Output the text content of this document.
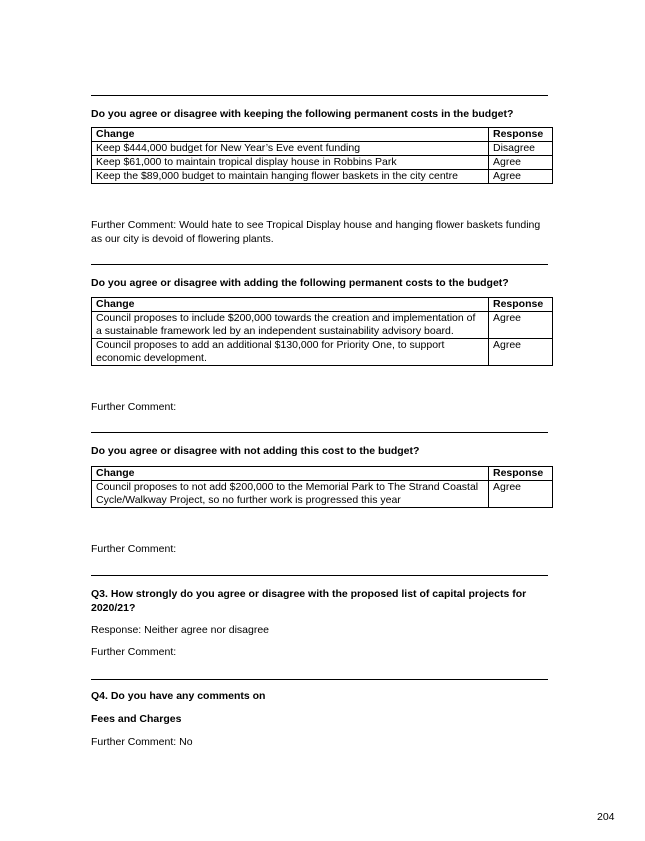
Do you agree or disagree with keeping the following permanent costs in the budget?
Change	Response
Keep $444,000 budget for New Year’s Eve event funding	Disagree
Keep $61,000 to maintain tropical display house in Robbins Park	Agree
Keep the $89,000 budget to maintain hanging flower baskets in the city centre	Agree
Further Comment: Would hate to see Tropical Display house and hanging flower baskets funding as our city is devoid of flowering plants.
Do you agree or disagree with adding the following permanent costs to the budget?
Change	Response
Council proposes to include $200,000 towards the creation and implementation of a sustainable framework led by an independent sustainability advisory board.	Agree
Council proposes to add an additional $130,000 for Priority One, to support economic development.	Agree
Further Comment:
Do you agree or disagree with not adding this cost to the budget?
Change	Response
Council proposes to not add $200,000 to the Memorial Park to The Strand Coastal Cycle/Walkway Project, so no further work is progressed this year	Agree
Further Comment:
Q3. How strongly do you agree or disagree with the proposed list of capital projects for 2020/21?
Response: Neither agree nor disagree
Further Comment:
Q4. Do you have any comments on
Fees and Charges
Further Comment: No
204
